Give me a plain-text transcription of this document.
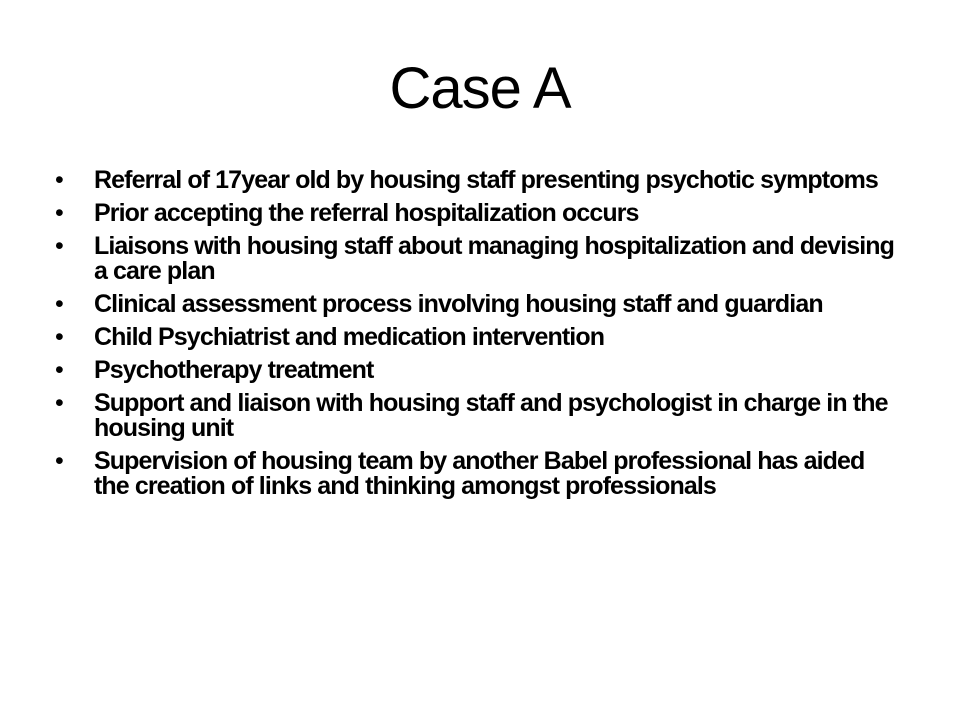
Case A
• Referral of 17year old by housing staff presenting psychotic symptoms
• Prior accepting the referral hospitalization occurs
• Liaisons with housing staff about managing hospitalization and devising a care plan
• Clinical assessment process involving housing staff and guardian
• Child Psychiatrist and medication intervention
• Psychotherapy treatment
• Support and liaison with housing staff and psychologist in charge in the housing unit
• Supervision of housing team by another Babel professional has aided the creation of links and thinking amongst professionals
